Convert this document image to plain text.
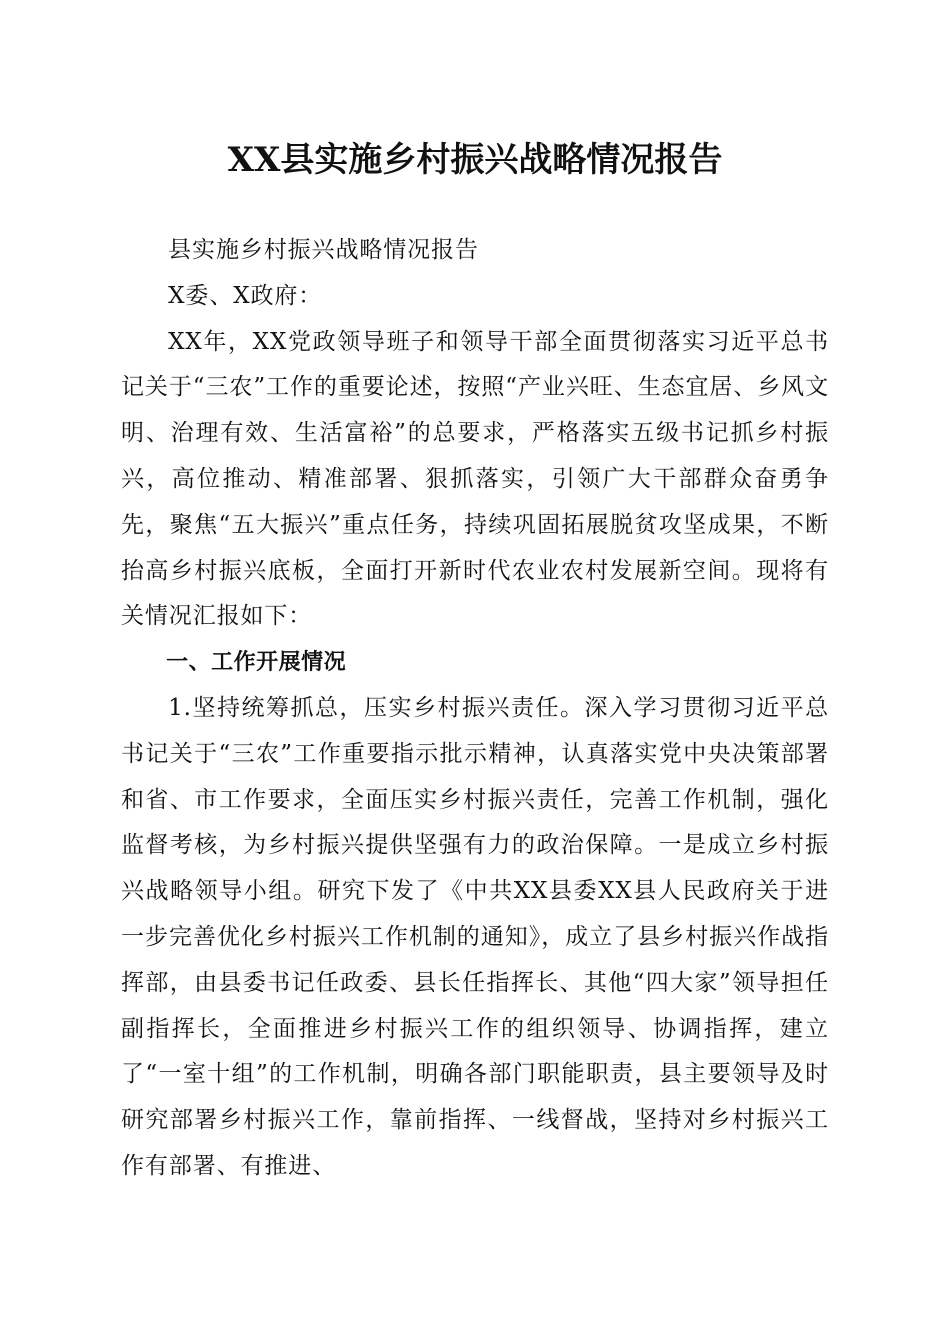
XX县实施乡村振兴战略情况报告

县实施乡村振兴战略情况报告

X委、X政府：

XX年，XX党政领导班子和领导干部全面贯彻落实习近平总书记关于“三农”工作的重要论述，按照“产业兴旺、生态宜居、乡风文明、治理有效、生活富裕”的总要求，严格落实五级书记抓乡村振兴，高位推动、精准部署、狠抓落实，引领广大干部群众奋勇争先，聚焦“五大振兴”重点任务，持续巩固拓展脱贫攻坚成果，不断抬高乡村振兴底板，全面打开新时代农业农村发展新空间。现将有关情况汇报如下：

一、工作开展情况

1.坚持统筹抓总，压实乡村振兴责任。深入学习贯彻习近平总书记关于“三农”工作重要指示批示精神，认真落实党中央决策部署和省、市工作要求，全面压实乡村振兴责任，完善工作机制，强化监督考核，为乡村振兴提供坚强有力的政治保障。一是成立乡村振兴战略领导小组。研究下发了《中共XX县委XX县人民政府关于进一步完善优化乡村振兴工作机制的通知》，成立了县乡村振兴作战指挥部，由县委书记任政委、县长任指挥长、其他“四大家”领导担任副指挥长，全面推进乡村振兴工作的组织领导、协调指挥，建立了“一室十组”的工作机制，明确各部门职能职责，县主要领导及时研究部署乡村振兴工作，靠前指挥、一线督战，坚持对乡村振兴工作有部署、有推进、
